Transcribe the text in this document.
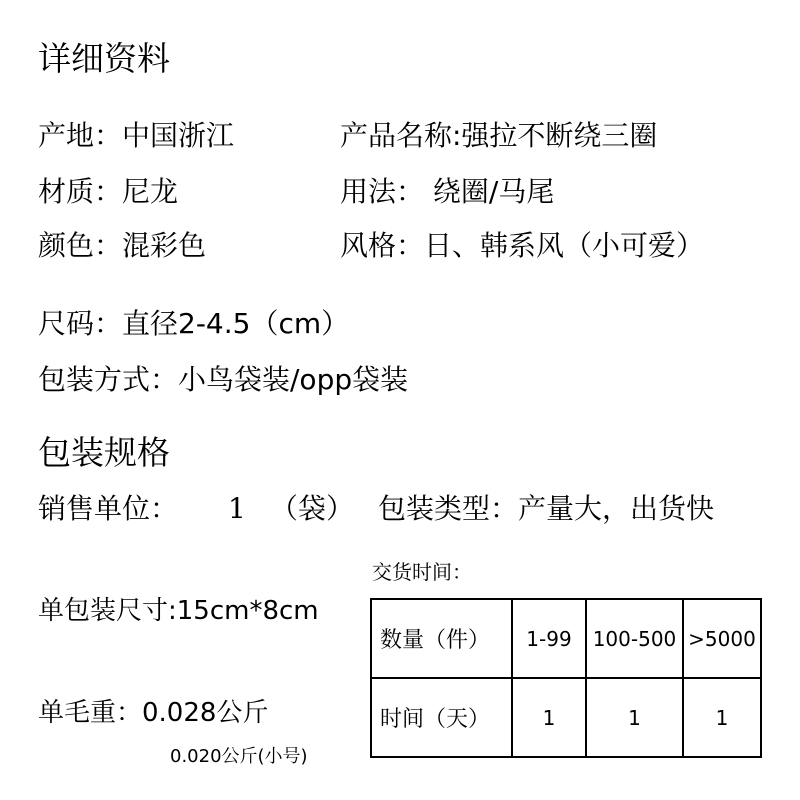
详细资料
产地：中国浙江	产品名称:强拉不断绕三圈
材质：尼龙	用法： 绕圈/马尾
颜色：混彩色	风格：日、韩系风（小可爱）
尺码：直径2-4.5（cm）
包装方式：小鸟袋装/opp袋装
包装规格
销售单位： 1 （袋） 包装类型：产量大，出货快
交货时间：
单包装尺寸:15cm*8cm
单毛重：0.028公斤
0.020公斤(小号)
数量（件）	1-99	100-500	>5000
时间（天）	1	1	1
